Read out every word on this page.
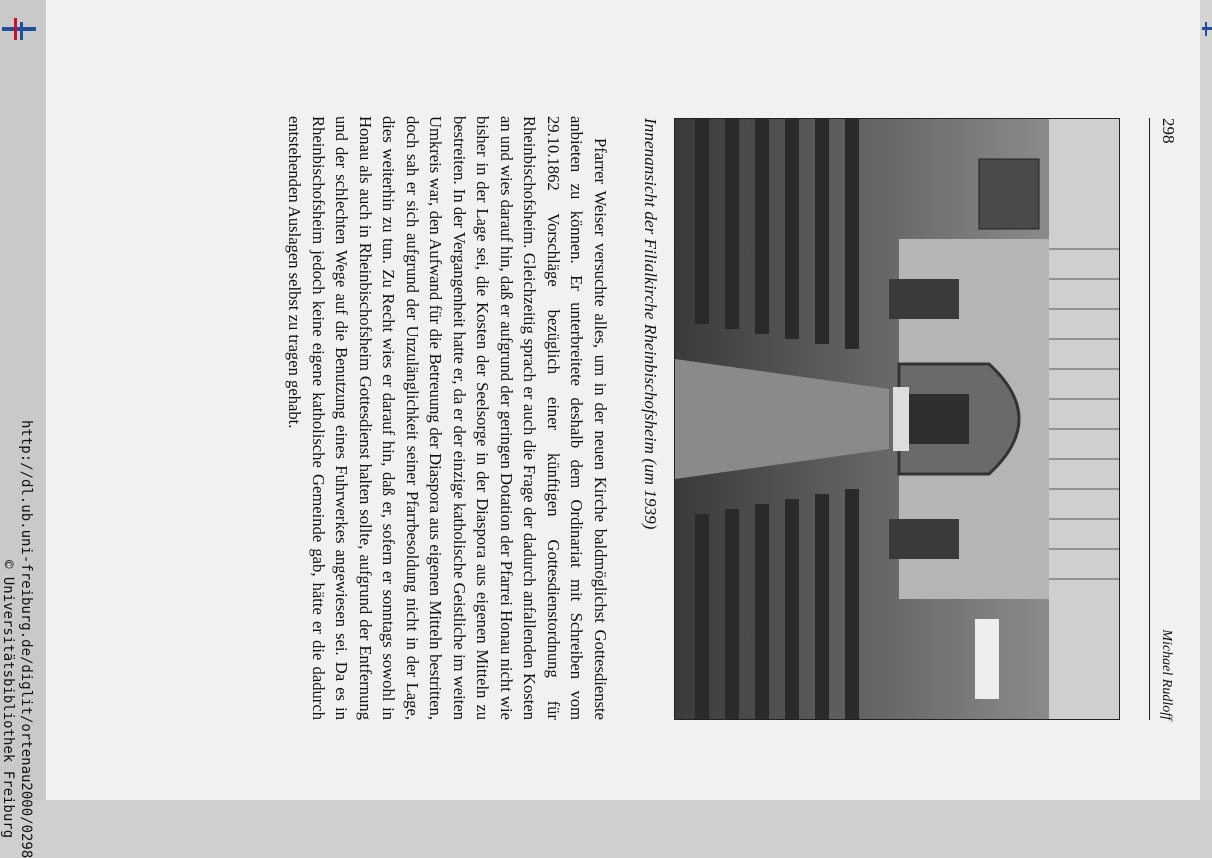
298
Michael Rudloff
Innenansicht der Filialkirche Rheinbischofsheim (um 1939)

Pfarrer Weiser versuchte alles, um in der neuen Kirche baldmöglichst Gottesdienste anbieten zu können. Er unterbreitete deshalb dem Ordinariat mit Schreiben vom 29.10.1862 Vorschläge bezüglich einer künftigen Gottesdienstordnung für Rheinbischofsheim. Gleichzeitig sprach er auch die Frage der dadurch anfallenden Kosten an und wies darauf hin, daß er aufgrund der geringen Dotation der Pfarrei Honau nicht wie bisher in der Lage sei, die Kosten der Seelsorge in der Diaspora aus eigenen Mitteln zu bestreiten. In der Vergangenheit hatte er, da er der einzige katholische Geistliche im weiten Umkreis war, den Aufwand für die Betreuung der Diaspora aus eigenen Mitteln bestritten, doch sah er sich aufgrund der Unzulänglichkeit seiner Pfarrbesoldung nicht in der Lage, dies weiterhin zu tun. Zu Recht wies er darauf hin, daß er, sofern er sonntags sowohl in Honau als auch in Rheinbischofsheim Gottesdienst halten sollte, aufgrund der Entfernung und der schlechten Wege auf die Benutzung eines Fuhrwerkes angewiesen sei. Da es in Rheinbischofsheim jedoch keine eigene katholische Gemeinde gab, hätte er die dadurch entstehenden Auslagen selbst zu tragen gehabt.

http://dl.ub.uni-freiburg.de/diglit/ortenau2000/0298
© Universitätsbibliothek Freiburg
